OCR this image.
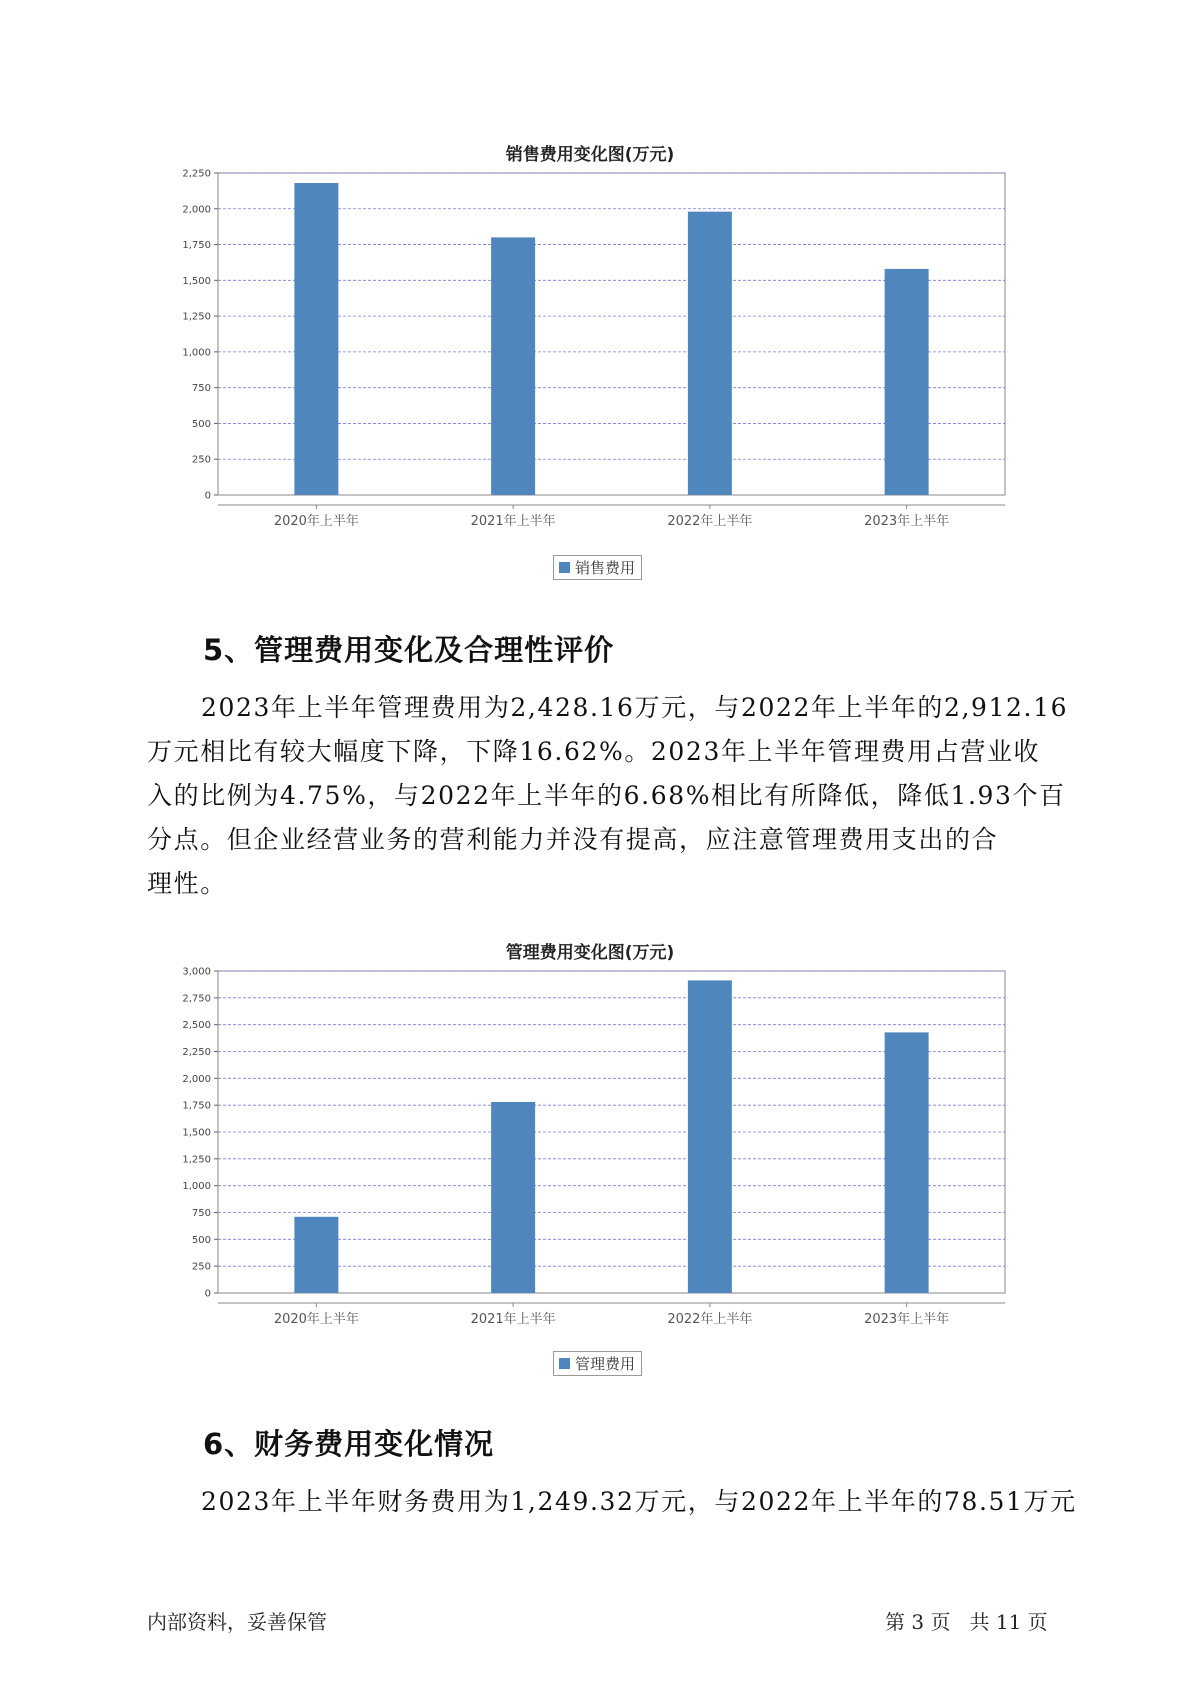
销售费用变化图(万元)
0
250
500
750
1,000
1,250
1,500
1,750
2,000
2,250
2020年上半年	2021年上半年	2022年上半年	2023年上半年
销售费用
5、管理费用变化及合理性评价
2023年上半年管理费用为2,428.16万元，与2022年上半年的2,912.16
万元相比有较大幅度下降，下降16.62%。2023年上半年管理费用占营业收
入的比例为4.75%，与2022年上半年的6.68%相比有所降低，降低1.93个百
分点。但企业经营业务的营利能力并没有提高，应注意管理费用支出的合
理性。
管理费用变化图(万元)
0
250
500
750
1,000
1,250
1,500
1,750
2,000
2,250
2,500
2,750
3,000
2020年上半年	2021年上半年	2022年上半年	2023年上半年
管理费用
6、财务费用变化情况
2023年上半年财务费用为1,249.32万元，与2022年上半年的78.51万元
内部资料，妥善保管	第 3 页   共 11 页
